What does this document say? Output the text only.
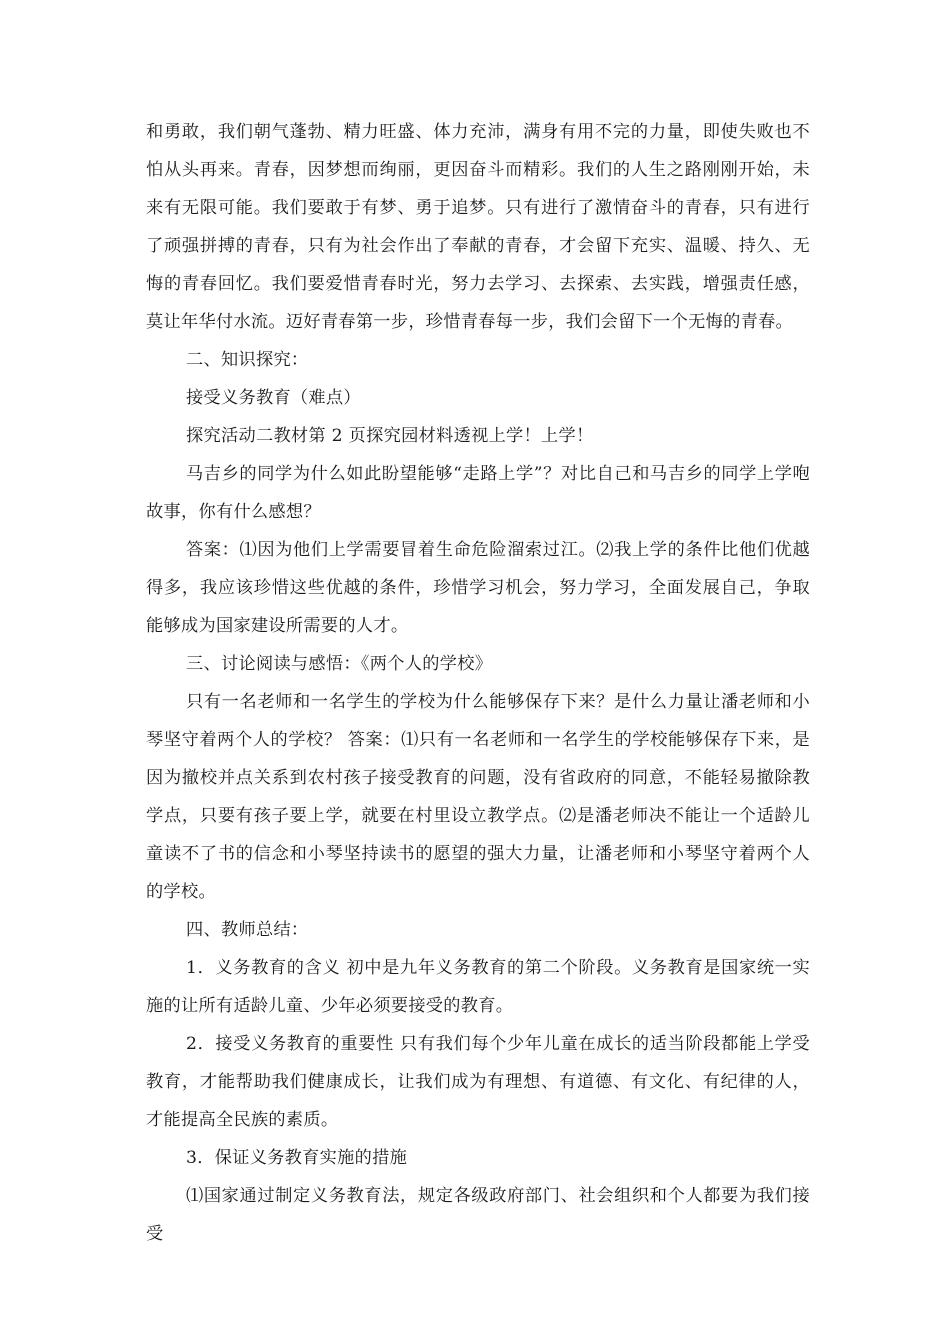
和勇敢，我们朝气蓬勃、精力旺盛、体力充沛，满身有用不完的力量，即使失败也不怕从头再来。青春，因梦想而绚丽，更因奋斗而精彩。我们的人生之路刚刚开始，未来有无限可能。我们要敢于有梦、勇于追梦。只有进行了激情奋斗的青春，只有进行了顽强拼搏的青春，只有为社会作出了奉献的青春，才会留下充实、温暖、持久、无悔的青春回忆。我们要爱惜青春时光，努力去学习、去探索、去实践，增强责任感，莫让年华付水流。迈好青春第一步，珍惜青春每一步，我们会留下一个无悔的青春。

二、知识探究：

接受义务教育（难点）

探究活动二教材第 2 页探究园材料透视上学！上学！

马吉乡的同学为什么如此盼望能够“走路上学”？对比自己和马吉乡的同学上学咆故事，你有什么感想？

答案：⑴因为他们上学需要冒着生命危险溜索过江。⑵我上学的条件比他们优越得多，我应该珍惜这些优越的条件，珍惜学习机会，努力学习，全面发展自己，争取能够成为国家建设所需要的人才。

三、讨论阅读与感悟：《两个人的学校》

只有一名老师和一名学生的学校为什么能够保存下来？是什么力量让潘老师和小琴坚守着两个人的学校？ 答案：⑴只有一名老师和一名学生的学校能够保存下来，是因为撤校并点关系到农村孩子接受教育的问题，没有省政府的同意，不能轻易撤除教学点，只要有孩子要上学，就要在村里设立教学点。⑵是潘老师决不能让一个适龄儿童读不了书的信念和小琴坚持读书的愿望的强大力量，让潘老师和小琴坚守着两个人的学校。

四、教师总结：

1．义务教育的含义 初中是九年义务教育的第二个阶段。义务教育是国家统一实施的让所有适龄儿童、少年必须要接受的教育。

2．接受义务教育的重要性 只有我们每个少年儿童在成长的适当阶段都能上学受教育，才能帮助我们健康成长，让我们成为有理想、有道德、有文化、有纪律的人，才能提高全民族的素质。

3．保证义务教育实施的措施

⑴国家通过制定义务教育法，规定各级政府部门、社会组织和个人都要为我们接受
